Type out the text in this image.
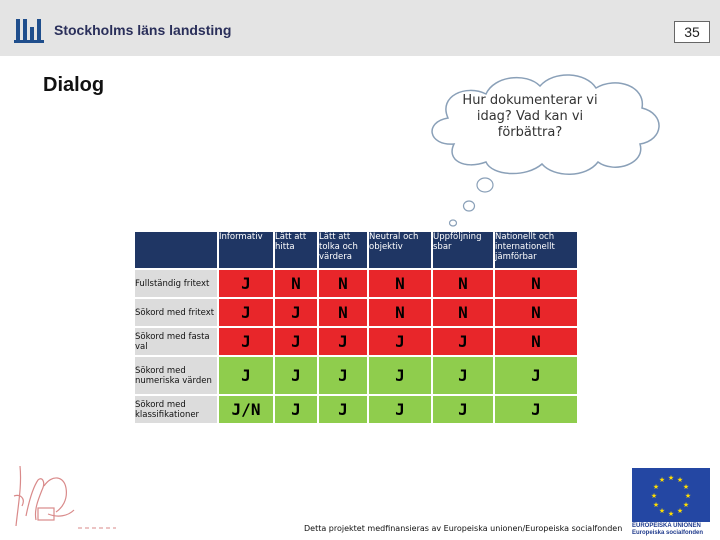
Stockholms läns landsting	35
Dialog
Hur dokumenterar vi idag? Vad kan vi förbättra?
	Informativ	Lätt att hitta	Lätt att tolka och värdera	Neutral och objektiv	Uppföljning sbar	Nationellt och internationellt jämförbar
Fullständig fritext	J	N	N	N	N	N
Sökord med fritext	J	J	N	N	N	N
Sökord med fasta val	J	J	J	J	J	N
Sökord med numeriska värden	J	J	J	J	J	J
Sökord med klassifikationer	J/N	J	J	J	J	J
Detta projektet medfinansieras av Europeiska unionen/Europeiska socialfonden
★ ★
★
★
★
★
★
★
★
★
★
★
EUROPEISKA UNIONEN
Europeiska socialfonden
